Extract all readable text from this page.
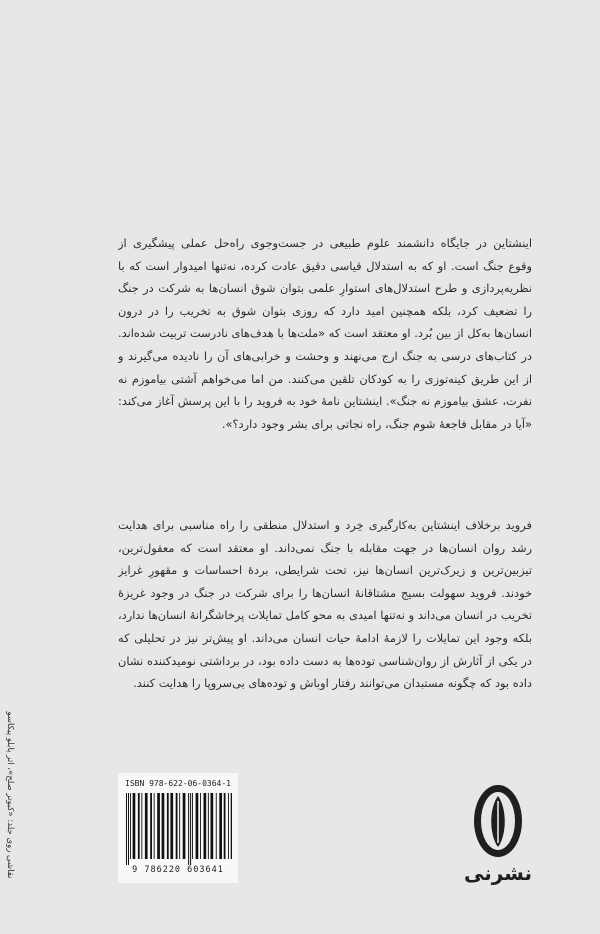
اینشتاین در جایگاه دانشمند علوم طبیعی در جست‌وجوی راه‌حل عملی پیشگیری از
وقوع جنگ است. او که به استدلال قیاسی دقیق عادت کرده، نه‌تنها امیدوار است که با
نظریه‌پردازی و طرح استدلال‌های استوارِ علمی بتوان شوق انسان‌ها به شرکت در جنگ
را تضعیف کرد، بلکه همچنین امید دارد که روزی بتوان شوق به تخریب را در درون
انسان‌ها به‌کل از بین بُرد. او معتقد است که «ملت‌ها با هدف‌های نادرست تربیت شده‌اند.
در کتاب‌های درسی به جنگ ارج می‌نهند و وحشت و خرابی‌های آن را نادیده می‌گیرند و
از این طریق کینه‌توزی را به کودکان تلقین می‌کنند. من اما می‌خواهم آشتی بیاموزم نه
نفرت، عشق بیاموزم نه جنگ». اینشتاین نامهٔ خود به فروید را با این پرسش آغاز می‌کند:
«آیا در مقابل فاجعهٔ شوم جنگ، راه نجاتی برای بشر وجود دارد؟».
فروید برخلاف اینشتاین به‌کارگیری خِرد و استدلال منطقی را راه مناسبی برای هدایت
رشد روان انسان‌ها در جهت مقابله با جنگ نمی‌داند. او معتقد است که معقول‌ترین،
تیزبین‌ترین و زیرک‌ترین انسان‌ها نیز، تحت شرایطی، بردهٔ احساسات و مقهورِ غرایز
خودند. فروید سهولت بسیج مشتاقانهٔ انسان‌ها را برای شرکت در جنگ در وجود غریزهٔ
تخریب در انسان می‌داند و نه‌تنها امیدی به محو کامل تمایلات پرخاشگرانهٔ انسان‌ها ندارد،
بلکه وجود این تمایلات را لازمهٔ ادامهٔ حیات انسان می‌داند. او پیش‌تر نیز در تحلیلی که
در یکی از آثارش از روان‌شناسی توده‌ها به دست داده بود، در برداشتی نومیدکننده نشان
داده بود که چگونه مستبدان می‌توانند رفتار اوباش و توده‌های بی‌سروپا را هدایت کنند.
نقاشی روی جلد: «کبوتر صلح»، اثر پابلو پیکاسو	ISBN 978-622-06-0364-1
9 786220 603641	نشرنی
